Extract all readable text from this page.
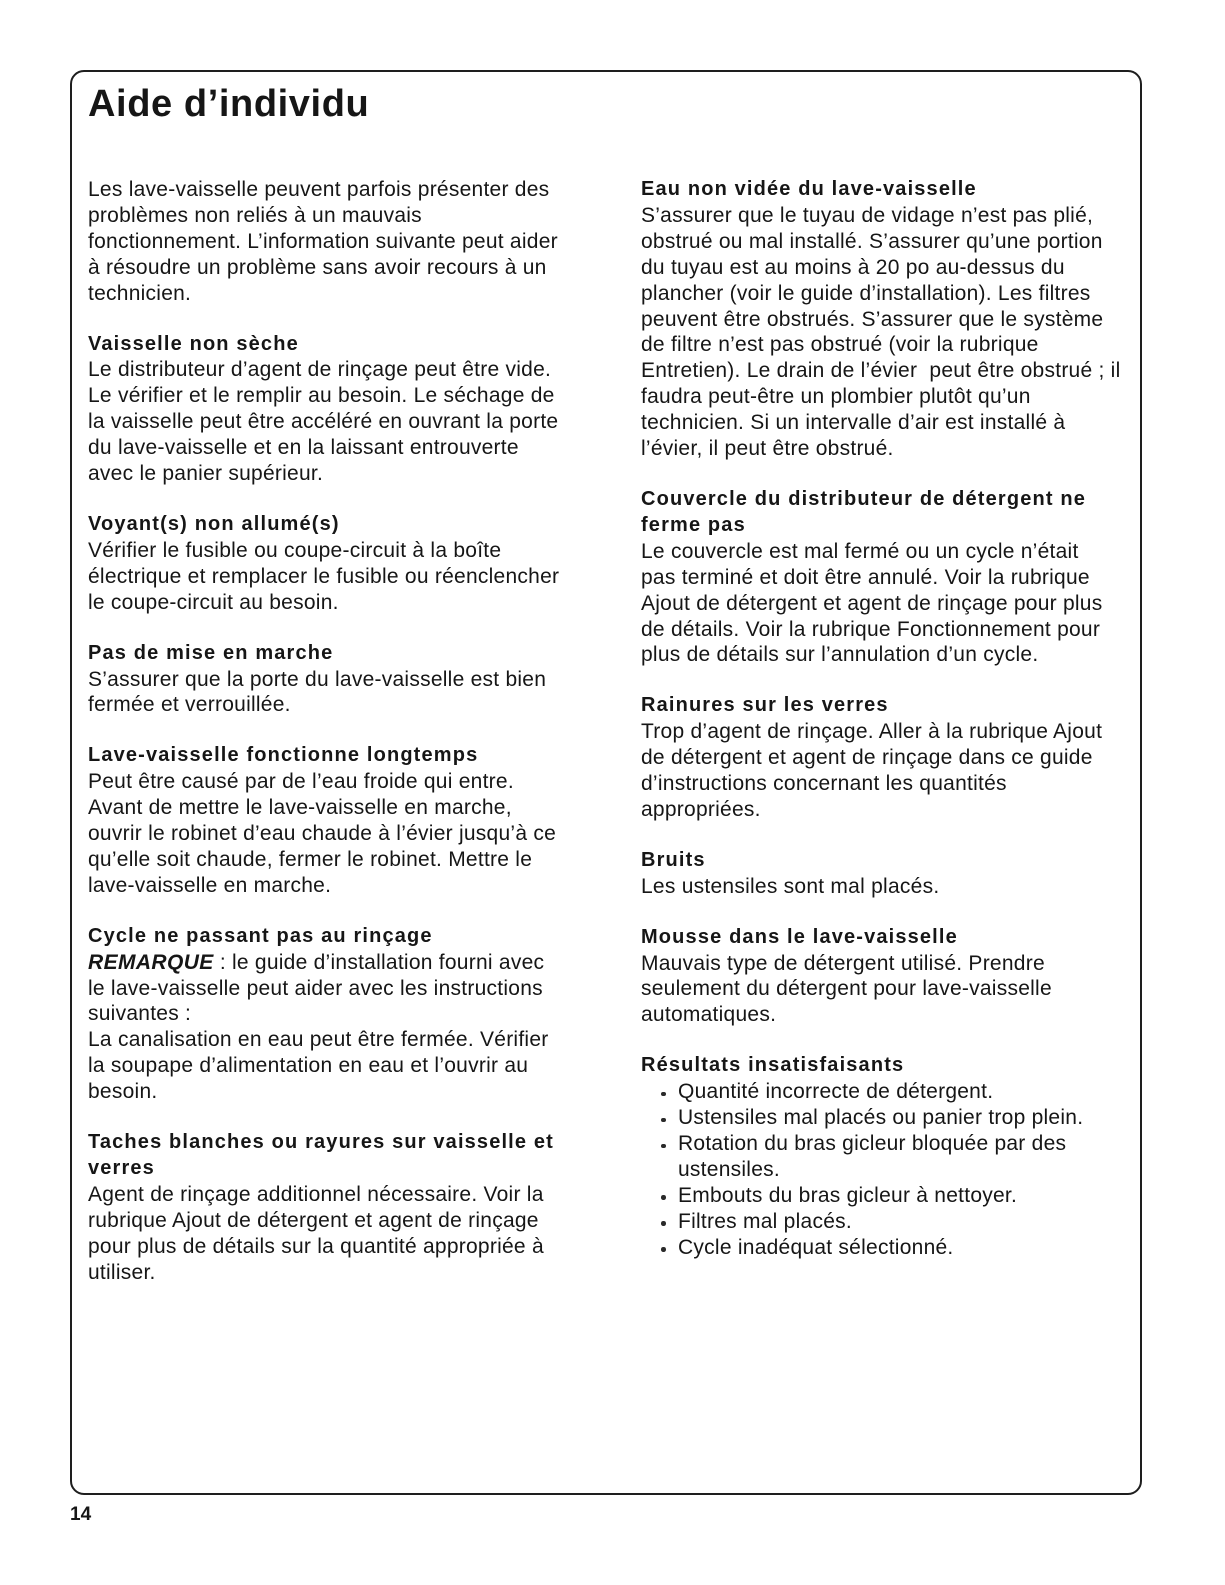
Aide d’individu

Les lave-vaisselle peuvent parfois présenter des
problèmes non reliés à un mauvais
fonctionnement. L’information suivante peut aider
à résoudre un problème sans avoir recours à un
technicien.

Vaisselle non sèche

Le distributeur d’agent de rinçage peut être vide.
Le vérifier et le remplir au besoin. Le séchage de
la vaisselle peut être accéléré en ouvrant la porte
du lave-vaisselle et en la laissant entrouverte
avec le panier supérieur.

Voyant(s) non allumé(s)

Vérifier le fusible ou coupe-circuit à la boîte
électrique et remplacer le fusible ou réenclencher
le coupe-circuit au besoin.

Pas de mise en marche

S’assurer que la porte du lave-vaisselle est bien
fermée et verrouillée.

Lave-vaisselle fonctionne longtemps

Peut être causé par de l’eau froide qui entre.
Avant de mettre le lave-vaisselle en marche,
ouvrir le robinet d’eau chaude à l’évier jusqu’à ce
qu’elle soit chaude, fermer le robinet. Mettre le
lave-vaisselle en marche.

Cycle ne passant pas au rinçage

REMARQUE : le guide d’installation fourni avec
le lave-vaisselle peut aider avec les instructions
suivantes :

La canalisation en eau peut être fermée. Vérifier
la soupape d’alimentation en eau et l’ouvrir au
besoin.

Taches blanches ou rayures sur vaisselle et
verres

Agent de rinçage additionnel nécessaire. Voir la
rubrique Ajout de détergent et agent de rinçage
pour plus de détails sur la quantité appropriée à
utiliser.

Eau non vidée du lave-vaisselle

S’assurer que le tuyau de vidage n’est pas plié,
obstrué ou mal installé. S’assurer qu’une portion
du tuyau est au moins à 20 po au-dessus du
plancher (voir le guide d’installation). Les filtres
peuvent être obstrués. S’assurer que le système
de filtre n’est pas obstrué (voir la rubrique
Entretien). Le drain de l’évier  peut être obstrué ; il
faudra peut-être un plombier plutôt qu’un
technicien. Si un intervalle d’air est installé à
l’évier, il peut être obstrué.

Couvercle du distributeur de détergent ne
ferme pas

Le couvercle est mal fermé ou un cycle n’était
pas terminé et doit être annulé. Voir la rubrique
Ajout de détergent et agent de rinçage pour plus
de détails. Voir la rubrique Fonctionnement pour
plus de détails sur l’annulation d’un cycle.

Rainures sur les verres

Trop d’agent de rinçage. Aller à la rubrique Ajout
de détergent et agent de rinçage dans ce guide
d’instructions concernant les quantités
appropriées.

Bruits

Les ustensiles sont mal placés.

Mousse dans le lave-vaisselle

Mauvais type de détergent utilisé. Prendre
seulement du détergent pour lave-vaisselle
automatiques.

Résultats insatisfaisants
Quantité incorrecte de détergent.
Ustensiles mal placés ou panier trop plein.
Rotation du bras gicleur bloquée par des
ustensiles.
Embouts du bras gicleur à nettoyer.
Filtres mal placés.
Cycle inadéquat sélectionné.
14
